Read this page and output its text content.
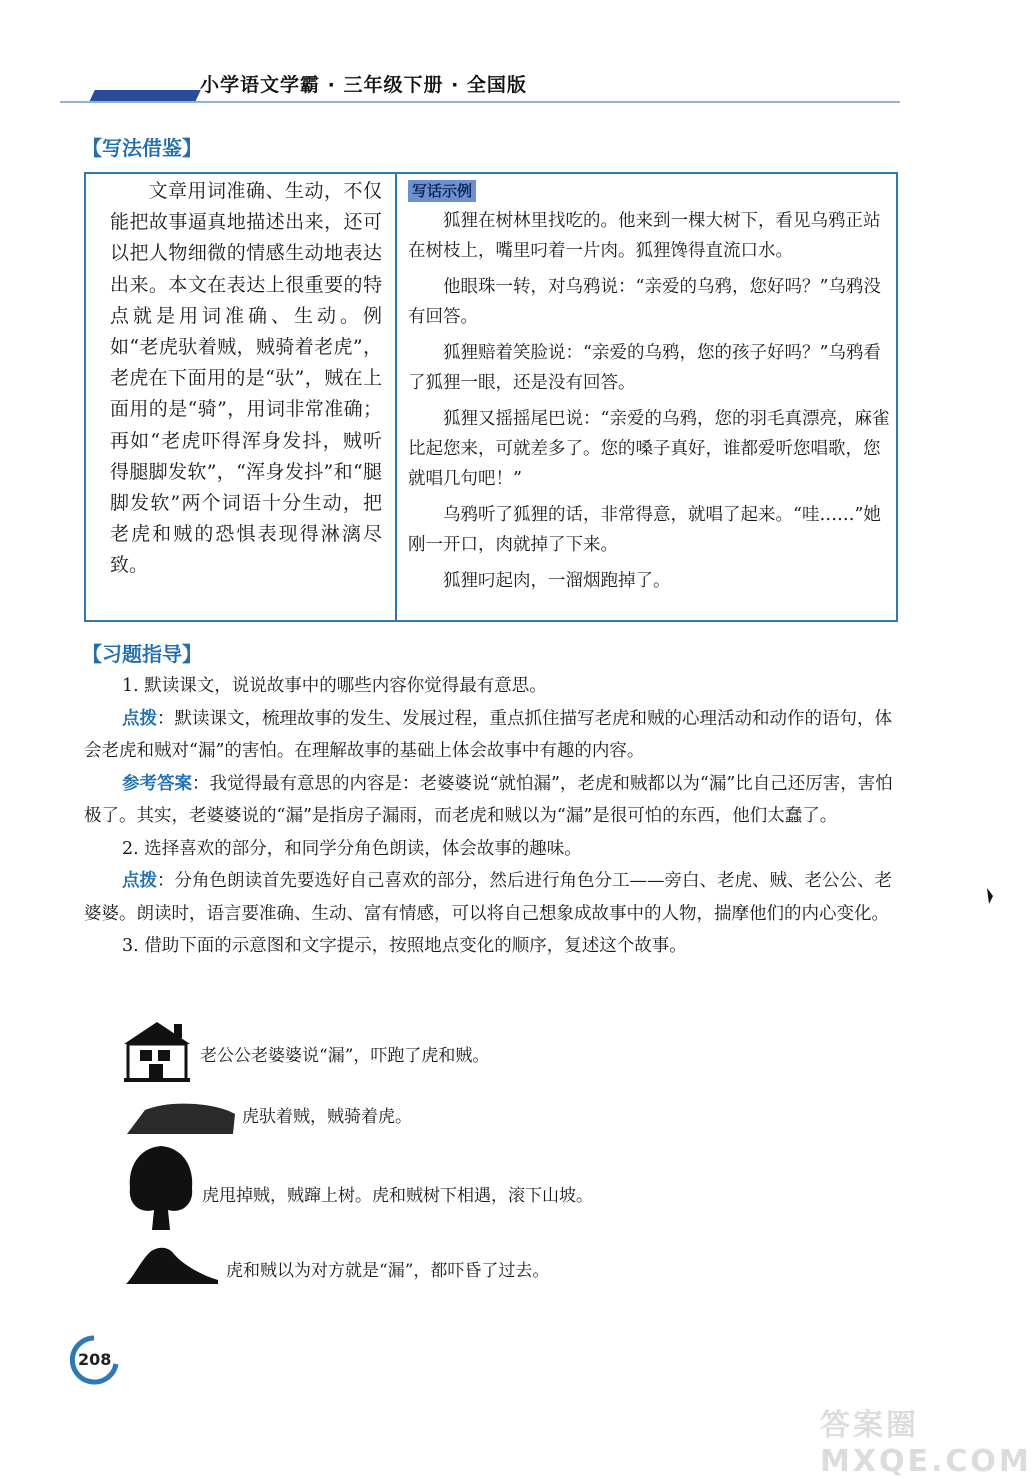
小学语文学霸 · 三年级下册 · 全国版
【写法借鉴】
文章用词准确、生动，不仅能把故事逼真地描述出来，还可以把人物细微的情感生动地表达出来。本文在表达上很重要的特点就是用词准确、生动。例如“老虎驮着贼，贼骑着老虎”，老虎在下面用的是“驮”，贼在上面用的是“骑”，用词非常准确；再如“老虎吓得浑身发抖，贼听得腿脚发软”，“浑身发抖”和“腿脚发软”两个词语十分生动，把老虎和贼的恐惧表现得淋漓尽致。
写话示例

狐狸在树林里找吃的。他来到一棵大树下，看见乌鸦正站在树枝上，嘴里叼着一片肉。狐狸馋得直流口水。

他眼珠一转，对乌鸦说：“亲爱的乌鸦，您好吗？”乌鸦没有回答。

狐狸赔着笑脸说：“亲爱的乌鸦，您的孩子好吗？”乌鸦看了狐狸一眼，还是没有回答。

狐狸又摇摇尾巴说：“亲爱的乌鸦，您的羽毛真漂亮，麻雀比起您来，可就差多了。您的嗓子真好，谁都爱听您唱歌，您就唱几句吧！”

乌鸦听了狐狸的话，非常得意，就唱了起来。“哇……”她刚一开口，肉就掉了下来。

狐狸叼起肉，一溜烟跑掉了。

【习题指导】
1. 默读课文，说说故事中的哪些内容你觉得最有意思。
点拨：默读课文，梳理故事的发生、发展过程，重点抓住描写老虎和贼的心理活动和动作的语句，体会老虎和贼对“漏”的害怕。在理解故事的基础上体会故事中有趣的内容。
参考答案：我觉得最有意思的内容是：老婆婆说“就怕漏”，老虎和贼都以为“漏”比自己还厉害，害怕极了。其实，老婆婆说的“漏”是指房子漏雨，而老虎和贼以为“漏”是很可怕的东西，他们太蠢了。
2. 选择喜欢的部分，和同学分角色朗读，体会故事的趣味。
点拨：分角色朗读首先要选好自己喜欢的部分，然后进行角色分工——旁白、老虎、贼、老公公、老婆婆。朗读时，语言要准确、生动、富有情感，可以将自己想象成故事中的人物，揣摩他们的内心变化。
3. 借助下面的示意图和文字提示，按照地点变化的顺序，复述这个故事。
老公公老婆婆说“漏”，吓跑了虎和贼。
虎驮着贼，贼骑着虎。
虎甩掉贼，贼蹿上树。虎和贼树下相遇，滚下山坡。
虎和贼以为对方就是“漏”，都吓昏了过去。
208
答案圈 MXQE.COM
